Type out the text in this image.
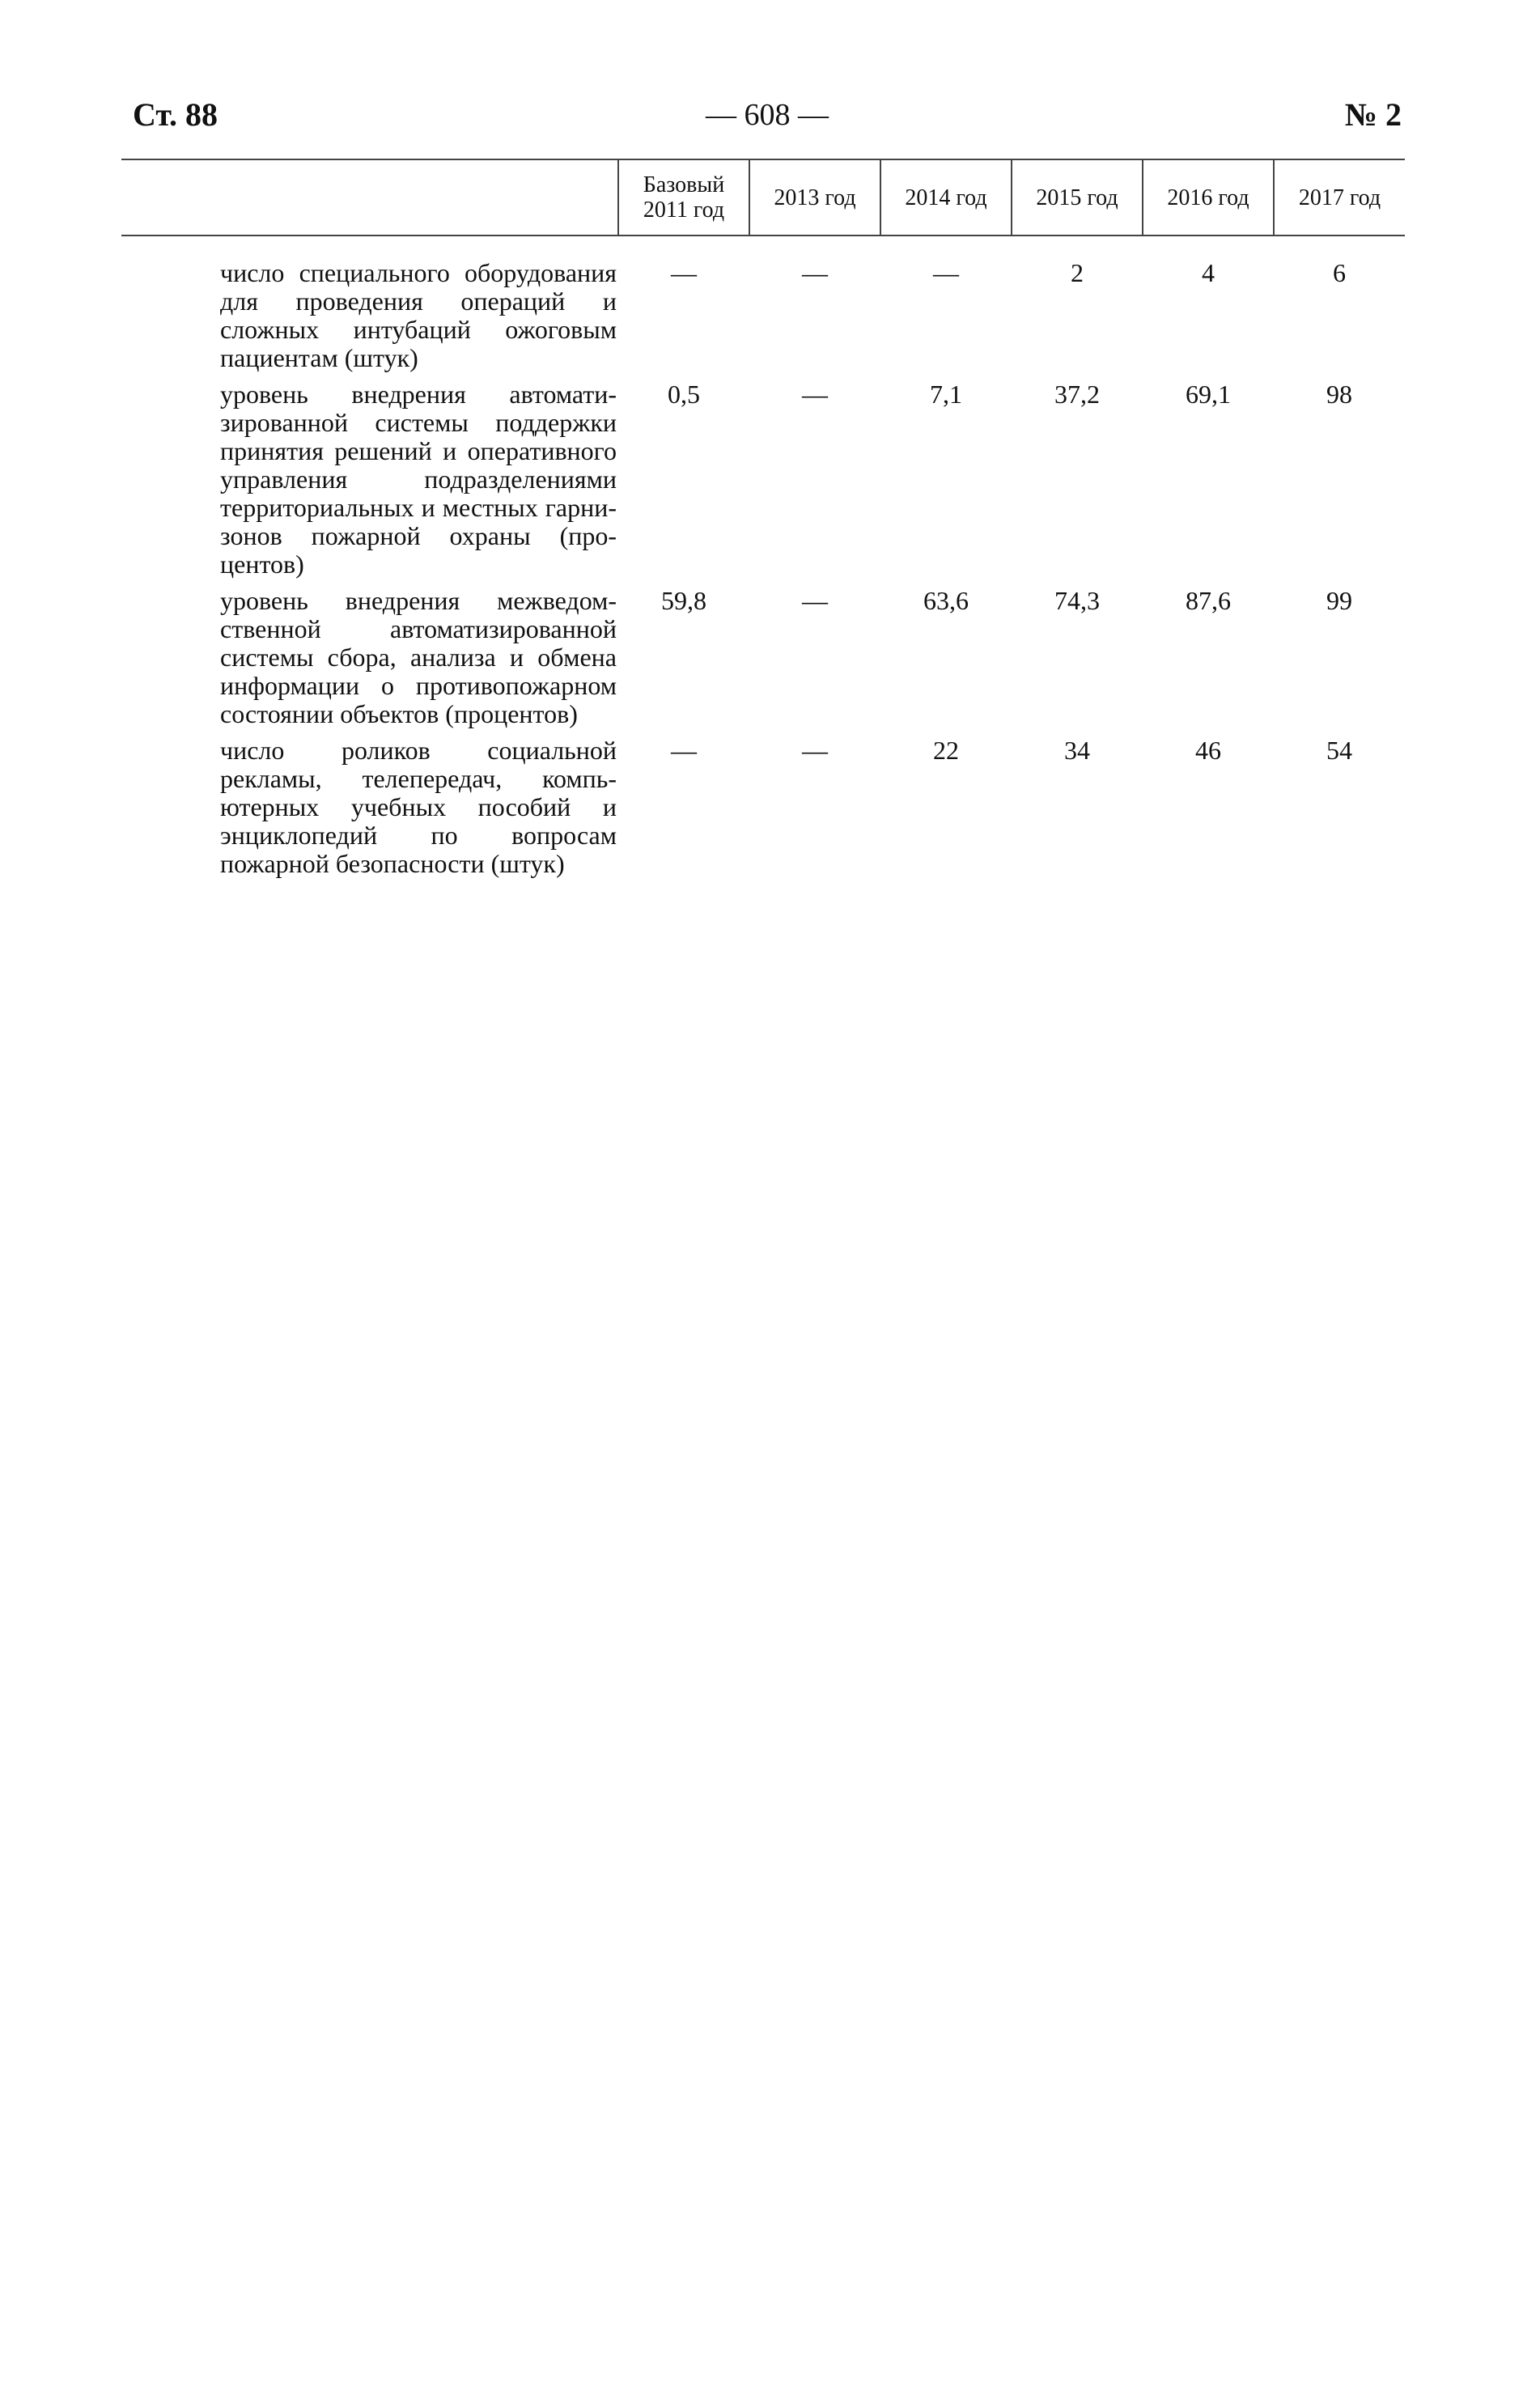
Ст. 88	— 608 —	№ 2
	Базовый 2011 год	2013 год	2014 год	2015 год	2016 год	2017 год

число специального оборудования для проведения операций и сложных интубаций ожоговым пациентам (штук)	—	—	—	2	4	6

уровень внедрения автоматизированной системы поддержки принятия решений и оперативного управления подразделениями территориальных и местных гарнизонов пожарной охраны (процентов)	0,5	—	7,1	37,2	69,1	98

уровень внедрения межведомственной автоматизированной системы сбора, анализа и обмена информации о противопожарном состоянии объектов (процентов)	59,8	—	63,6	74,3	87,6	99

число роликов социальной рекламы, телепередач, компьютерных учебных пособий и энциклопедий по вопросам пожарной безопасности (штук)	—	—	22	34	46	54
